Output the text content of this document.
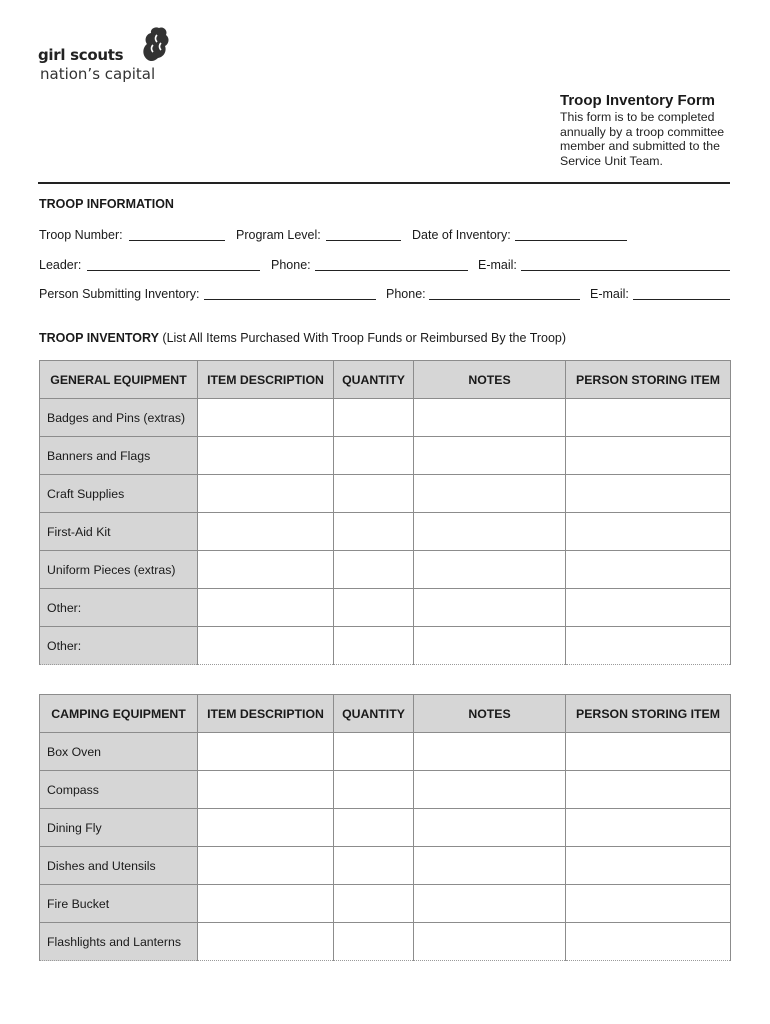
girl scouts
nation’s capital
Troop Inventory Form
This form is to be completed
annually by a troop committee
member and submitted to the
Service Unit Team.
TROOP INFORMATION
Troop Number:	Program Level:	Date of Inventory:
Leader:	Phone:	E-mail:
Person Submitting Inventory:	Phone:	E-mail:
TROOP INVENTORY (List All Items Purchased With Troop Funds or Reimbursed By the Troop)
GENERAL EQUIPMENT	ITEM DESCRIPTION	QUANTITY	NOTES	PERSON STORING ITEM
Badges and Pins (extras)				
Banners and Flags				
Craft Supplies				
First-Aid Kit				
Uniform Pieces (extras)				
Other:				
Other:				
CAMPING EQUIPMENT	ITEM DESCRIPTION	QUANTITY	NOTES	PERSON STORING ITEM
Box Oven				
Compass				
Dining Fly				
Dishes and Utensils				
Fire Bucket				
Flashlights and Lanterns				
